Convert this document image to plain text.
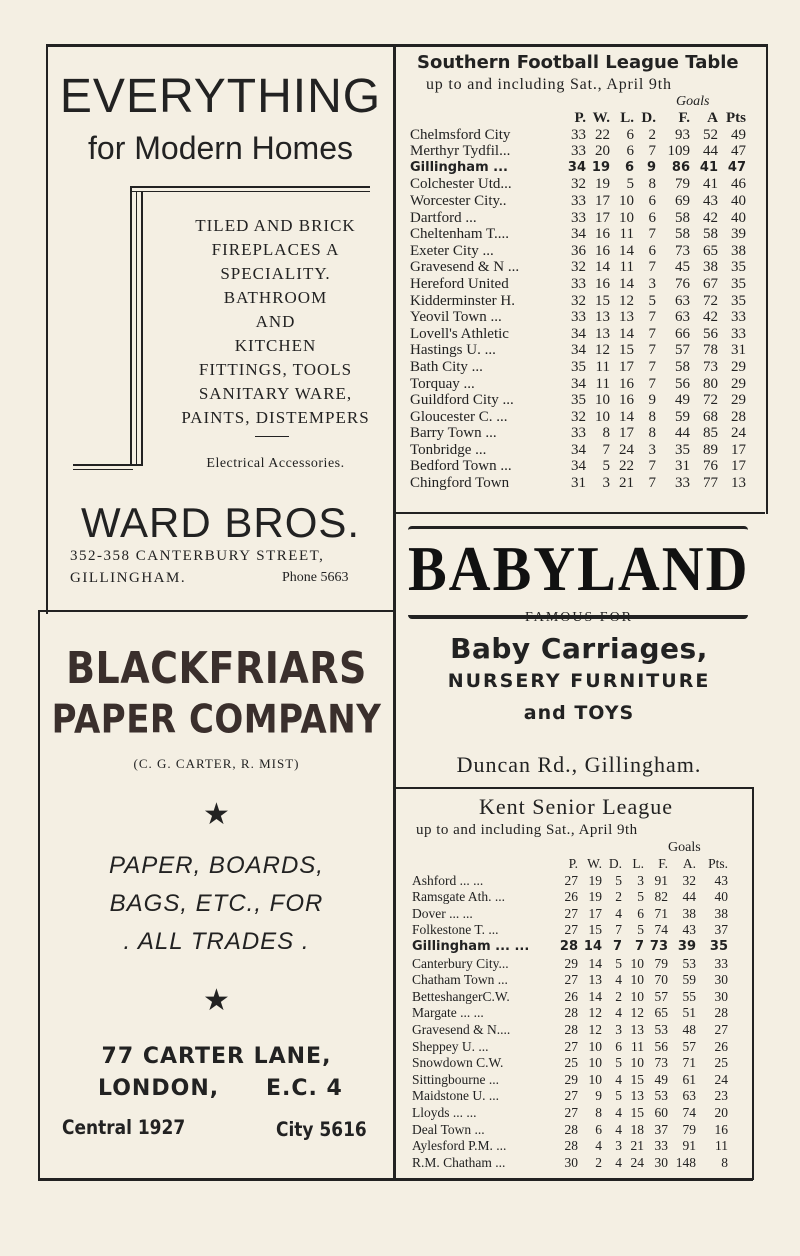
EVERYTHING
for Modern Homes
TILED AND BRICK
FIREPLACES A
SPECIALITY.
BATHROOM
AND
KITCHEN
FITTINGS, TOOLS
SANITARY WARE,
PAINTS, DISTEMPERS
Electrical Accessories.
WARD BROS.
352-358 CANTERBURY STREET,
GILLINGHAM.	Phone 5663
Southern Football League Table
up to and including Sat., April 9th
Goals
	P.	W.	L.	D.	F.	A	Pts
Chelmsford City	33	22	6	2	93	52	49
Merthyr Tydfil...	33	20	6	7	109	44	47
Gillingham ...	34	19	6	9	86	41	47
Colchester Utd...	32	19	5	8	79	41	46
Worcester City..	33	17	10	6	69	43	40
Dartford ...	33	17	10	6	58	42	40
Cheltenham T....	34	16	11	7	58	58	39
Exeter City ...	36	16	14	6	73	65	38
Gravesend & N ...	32	14	11	7	45	38	35
Hereford United	33	16	14	3	76	67	35
Kidderminster H.	32	15	12	5	63	72	35
Yeovil Town ...	33	13	13	7	63	42	33
Lovell's Athletic	34	13	14	7	66	56	33
Hastings U. ...	34	12	15	7	57	78	31
Bath City ...	35	11	17	7	58	73	29
Torquay ...	34	11	16	7	56	80	29
Guildford City ...	35	10	16	9	49	72	29
Gloucester C. ...	32	10	14	8	59	68	28
Barry Town ...	33	8	17	8	44	85	24
Tonbridge ...	34	7	24	3	35	89	17
Bedford Town ...	34	5	22	7	31	76	17
Chingford Town	31	3	21	7	33	77	13
BLACKFRIARS
PAPER COMPANY
(C. G. CARTER, R. MIST)
★
PAPER, BOARDS,
BAGS, ETC., FOR
. ALL TRADES .
★
77 CARTER LANE,
LONDON, E.C. 4
Central 1927	City 5616
BABYLAND
FAMOUS FOR
Baby Carriages,
NURSERY FURNITURE
and TOYS
Duncan Rd., Gillingham.
Kent Senior League
up to and including Sat., April 9th
Goals
	P.	W.	D.	L.	F.	A.	Pts.
Ashford ... ...	27	19	5	3	91	32	43
Ramsgate Ath. ...	26	19	2	5	82	44	40
Dover ... ...	27	17	4	6	71	38	38
Folkestone T. ...	27	15	7	5	74	43	37
Gillingham ... ...	28	14	7	7	73	39	35
Canterbury City...	29	14	5	10	79	53	33
Chatham Town ...	27	13	4	10	70	59	30
BetteshangerC.W.	26	14	2	10	57	55	30
Margate ... ...	28	12	4	12	65	51	28
Gravesend & N....	28	12	3	13	53	48	27
Sheppey U. ...	27	10	6	11	56	57	26
Snowdown C.W.	25	10	5	10	73	71	25
Sittingbourne ...	29	10	4	15	49	61	24
Maidstone U. ...	27	9	5	13	53	63	23
Lloyds ... ...	27	8	4	15	60	74	20
Deal Town ...	28	6	4	18	37	79	16
Aylesford P.M. ...	28	4	3	21	33	91	11
R.M. Chatham ...	30	2	4	24	30	148	8
